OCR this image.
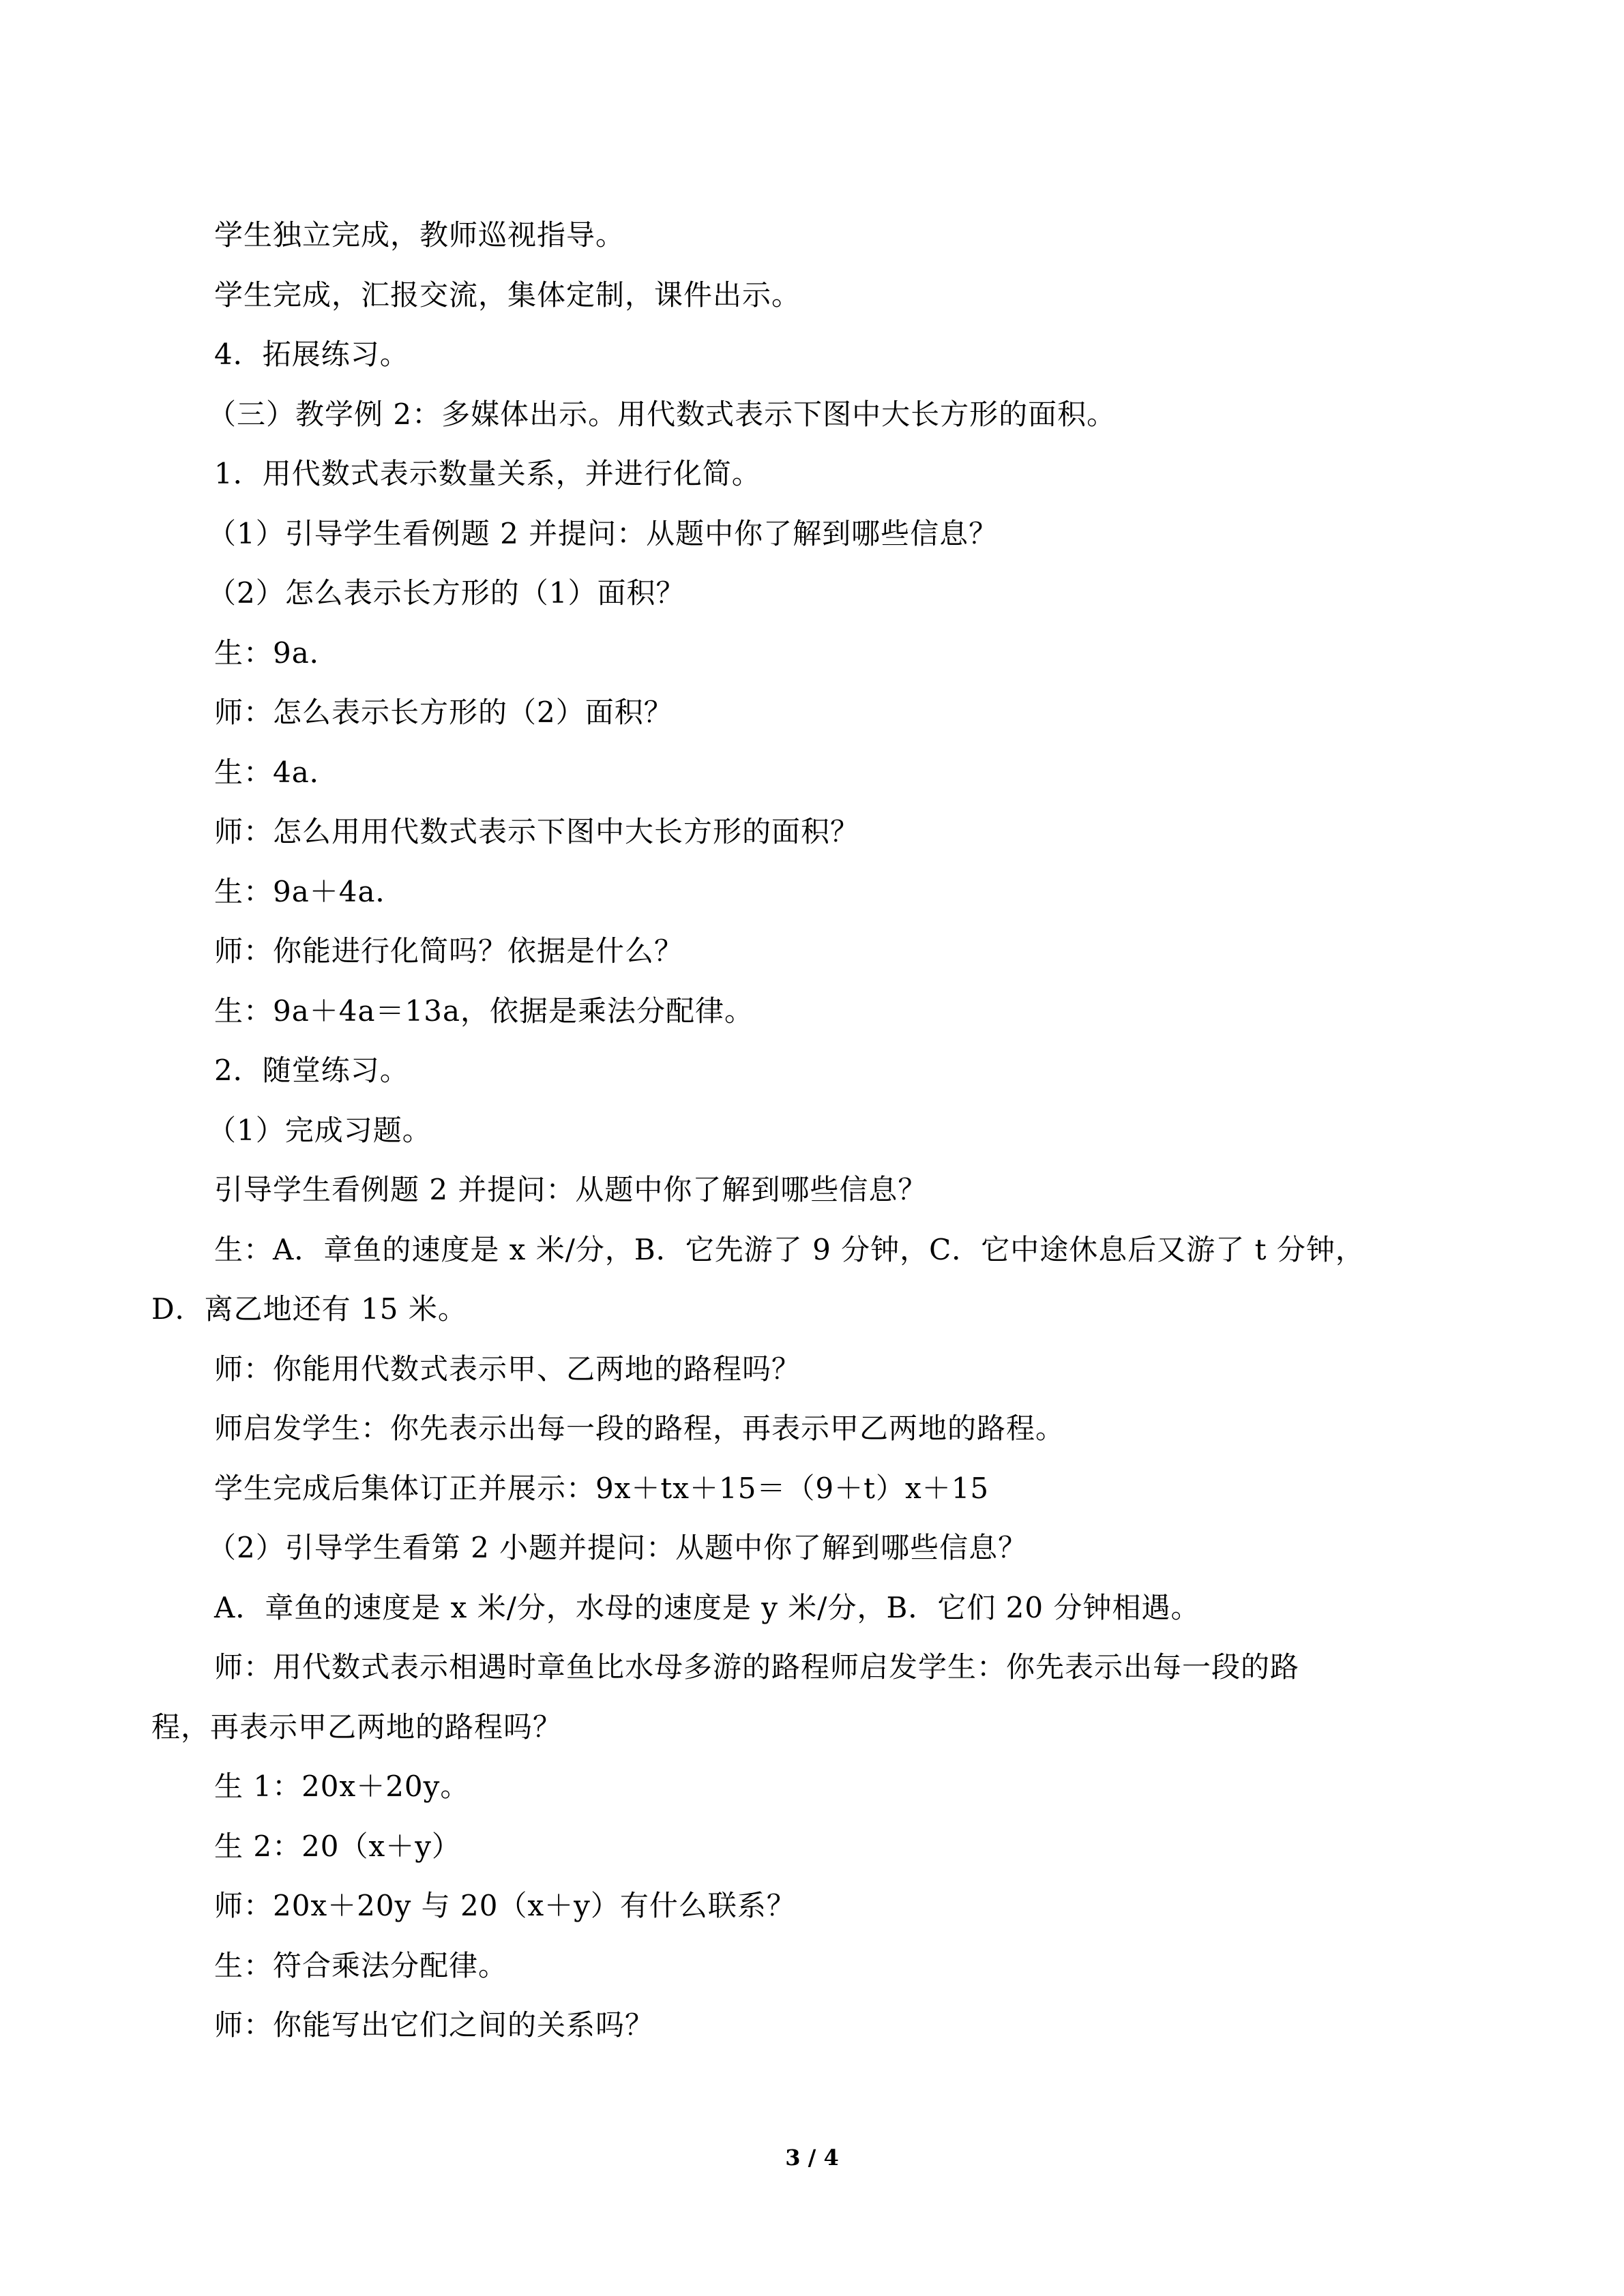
学生独立完成，教师巡视指导。
学生完成，汇报交流，集体定制，课件出示。
4．拓展练习。
（三）教学例 2：多媒体出示。用代数式表示下图中大长方形的面积。
1．用代数式表示数量关系，并进行化简。
（1）引导学生看例题 2 并提问：从题中你了解到哪些信息？
（2）怎么表示长方形的（1）面积？
生：9a．
师：怎么表示长方形的（2）面积？
生：4a．
师：怎么用用代数式表示下图中大长方形的面积？
生：9a＋4a．
师：你能进行化简吗？依据是什么？
生：9a＋4a＝13a，依据是乘法分配律。
2．随堂练习。
（1）完成习题。
引导学生看例题 2 并提问：从题中你了解到哪些信息？
生：A．章鱼的速度是 x 米/分，B．它先游了 9 分钟，C．它中途休息后又游了 t 分钟，
D．离乙地还有 15 米。
师：你能用代数式表示甲、乙两地的路程吗？
师启发学生：你先表示出每一段的路程，再表示甲乙两地的路程。
学生完成后集体订正并展示：9x＋tx＋15＝（9＋t）x＋15
（2）引导学生看第 2 小题并提问：从题中你了解到哪些信息？
A．章鱼的速度是 x 米/分，水母的速度是 y 米/分，B．它们 20 分钟相遇。
师：用代数式表示相遇时章鱼比水母多游的路程师启发学生：你先表示出每一段的路
程，再表示甲乙两地的路程吗？
生 1：20x＋20y。
生 2：20（x＋y）
师：20x＋20y 与 20（x＋y）有什么联系？
生：符合乘法分配律。
师：你能写出它们之间的关系吗？
3 / 4
